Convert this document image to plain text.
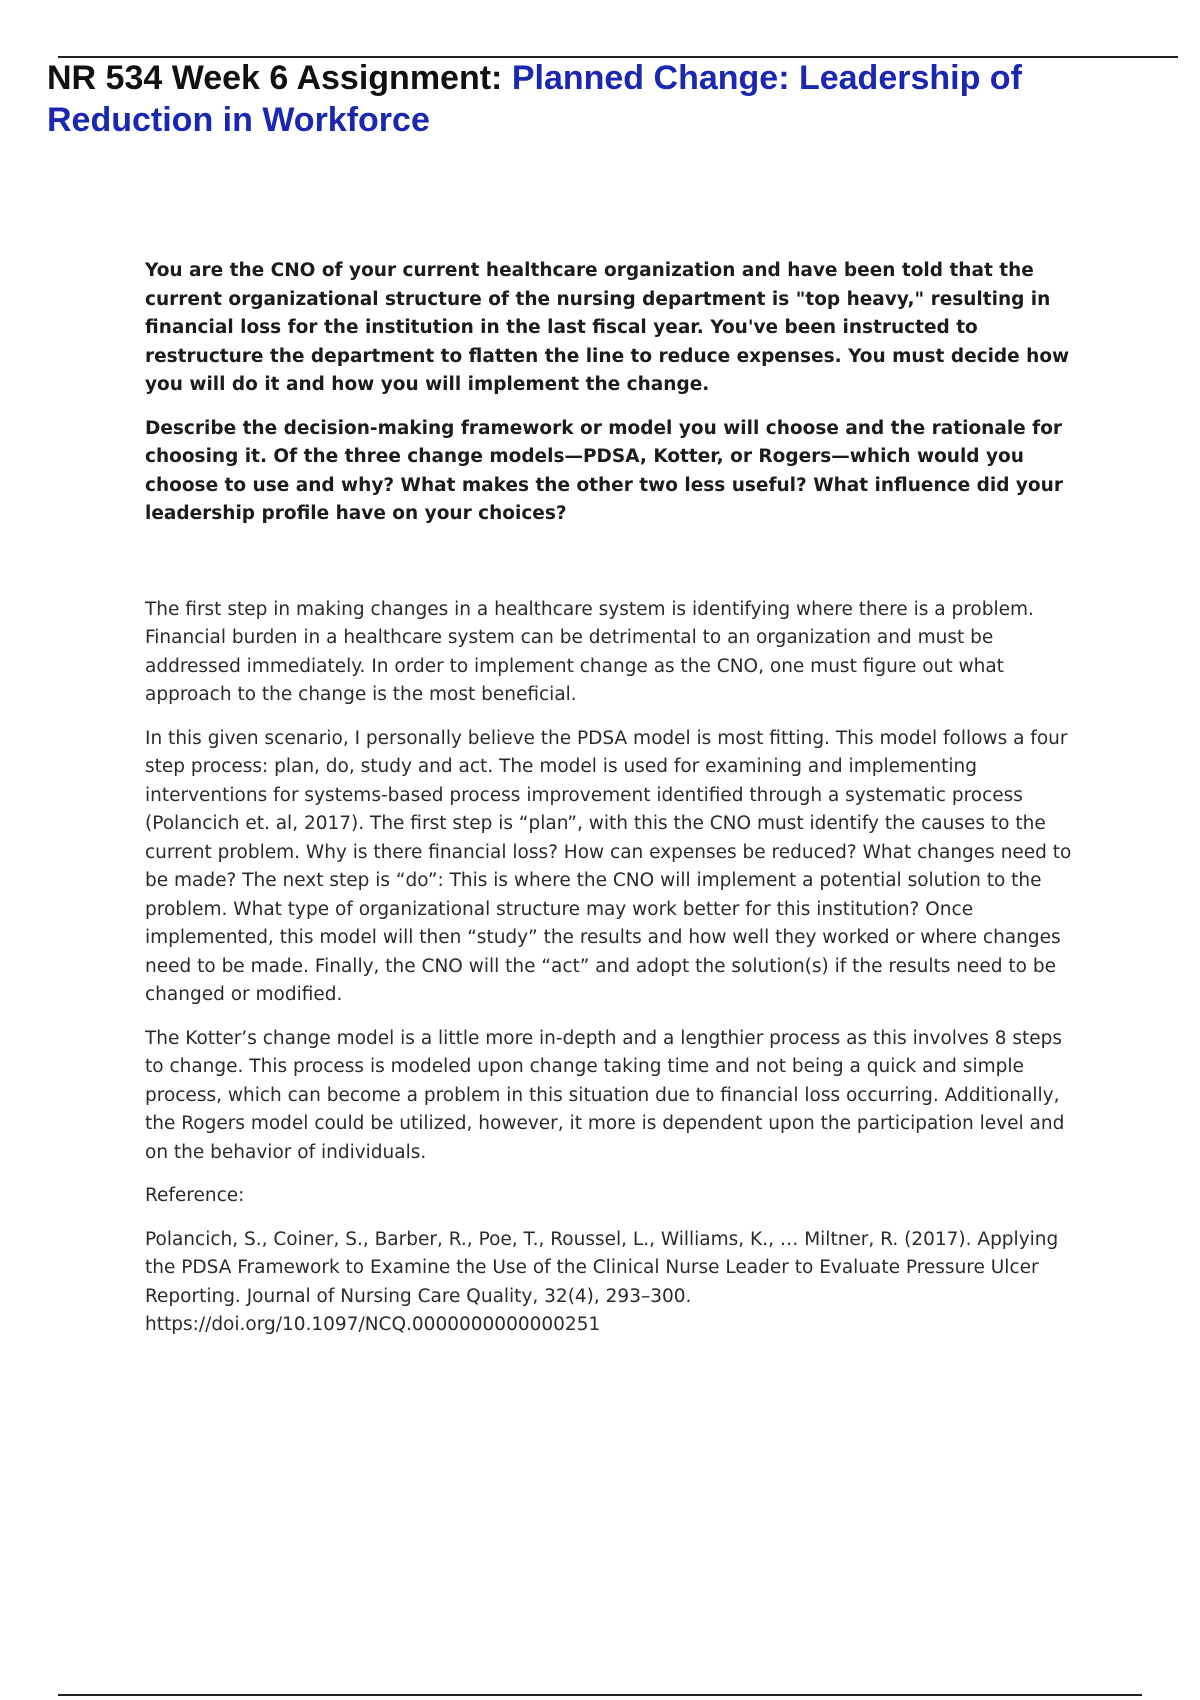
NR 534 Week 6 Assignment: Planned Change: Leadership of Reduction in Workforce

You are the CNO of your current healthcare organization and have been told that the current organizational structure of the nursing department is "top heavy," resulting in financial loss for the institution in the last fiscal year. You've been instructed to restructure the department to flatten the line to reduce expenses. You must decide how you will do it and how you will implement the change.

Describe the decision-making framework or model you will choose and the rationale for choosing it. Of the three change models—PDSA, Kotter, or Rogers—which would you choose to use and why? What makes the other two less useful? What influence did your leadership profile have on your choices?

The first step in making changes in a healthcare system is identifying where there is a problem. Financial burden in a healthcare system can be detrimental to an organization and must be addressed immediately. In order to implement change as the CNO, one must figure out what approach to the change is the most beneficial.

In this given scenario, I personally believe the PDSA model is most fitting. This model follows a four step process: plan, do, study and act. The model is used for examining and implementing interventions for systems-based process improvement identified through a systematic process (Polancich et. al, 2017). The first step is “plan”, with this the CNO must identify the causes to the current problem. Why is there financial loss? How can expenses be reduced? What changes need to be made? The next step is “do”: This is where the CNO will implement a potential solution to the problem. What type of organizational structure may work better for this institution? Once implemented, this model will then “study” the results and how well they worked or where changes need to be made. Finally, the CNO will the “act” and adopt the solution(s) if the results need to be changed or modified.

The Kotter’s change model is a little more in-depth and a lengthier process as this involves 8 steps to change. This process is modeled upon change taking time and not being a quick and simple process, which can become a problem in this situation due to financial loss occurring. Additionally, the Rogers model could be utilized, however, it more is dependent upon the participation level and on the behavior of individuals.

Reference:

Polancich, S., Coiner, S., Barber, R., Poe, T., Roussel, L., Williams, K., … Miltner, R. (2017). Applying the PDSA Framework to Examine the Use of the Clinical Nurse Leader to Evaluate Pressure Ulcer Reporting. Journal of Nursing Care Quality, 32(4), 293–300. https://doi.org/10.1097/NCQ.0000000000000251
